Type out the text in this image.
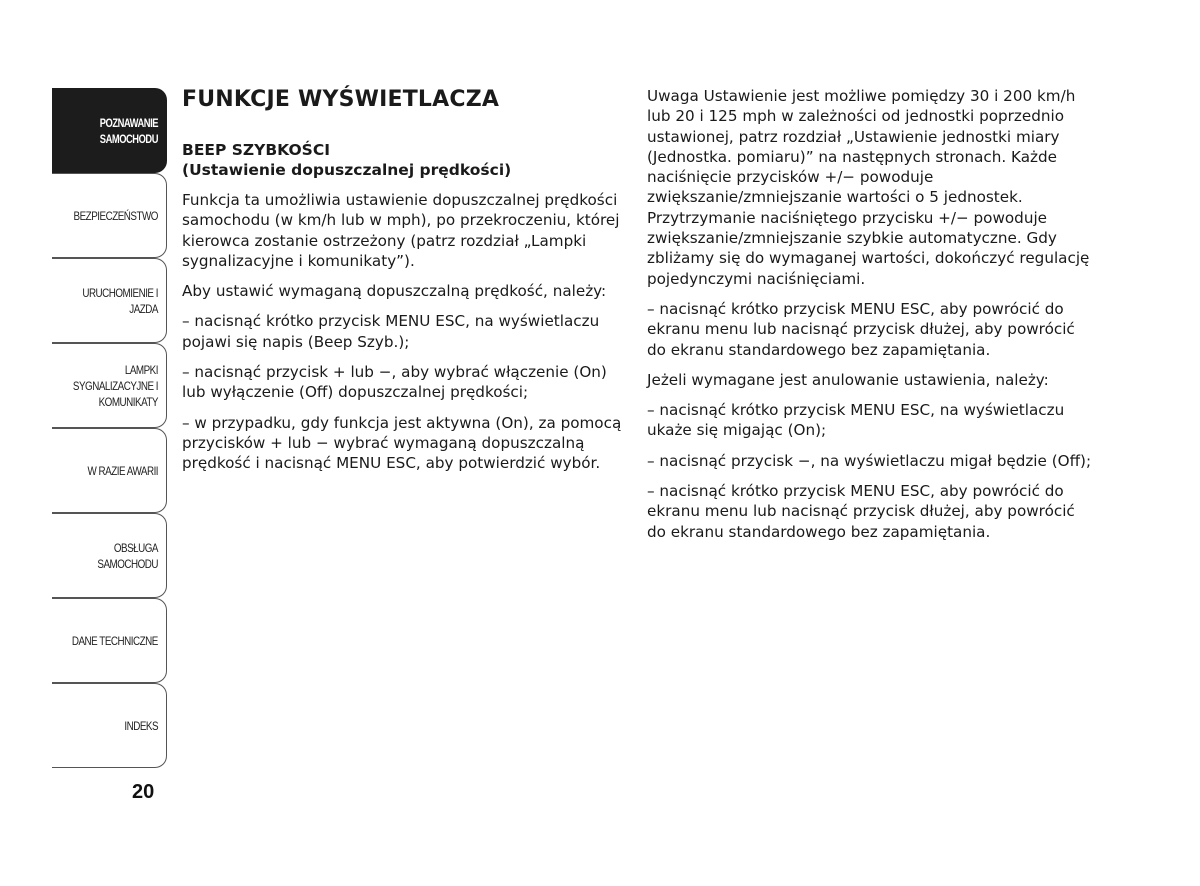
POZNAWANIE SAMOCHODU
BEZPIECZEŃSTWO
URUCHOMIENIE I JAZDA
LAMPKI SYGNALIZACYJNE I KOMUNIKATY
W RAZIE AWARII
OBSŁUGA SAMOCHODU
DANE TECHNICZNE
INDEKS
20
FUNKCJE WYŚWIETLACZA
BEEP SZYBKOŚCI
(Ustawienie dopuszczalnej prędkości)

Funkcja ta umożliwia ustawienie dopuszczalnej prędkości samochodu (w km/h lub w mph), po przekroczeniu, której kierowca zostanie ostrzeżony (patrz rozdział „Lampki sygnalizacyjne i komunikaty”).

Aby ustawić wymaganą dopuszczalną prędkość, należy:

– nacisnąć krótko przycisk MENU ESC, na wyświetlaczu pojawi się napis (Beep Szyb.);

– nacisnąć przycisk + lub −, aby wybrać włączenie (On) lub wyłączenie (Off) dopuszczalnej prędkości;

– w przypadku, gdy funkcja jest aktywna (On), za pomocą przycisków + lub − wybrać wymaganą dopuszczalną prędkość i nacisnąć MENU ESC, aby potwierdzić wybór.

Uwaga Ustawienie jest możliwe pomiędzy 30 i 200 km/h lub 20 i 125 mph w zależności od jednostki poprzednio ustawionej, patrz rozdział „Ustawienie jednostki miary (Jednostka. pomiaru)” na następnych stronach. Każde naciśnięcie przycisków +/− powoduje zwiększanie/zmniejszanie wartości o 5 jednostek. Przytrzymanie naciśniętego przycisku +/− powoduje zwiększanie/zmniejszanie szybkie automatyczne. Gdy zbliżamy się do wymaganej wartości, dokończyć regulację pojedynczymi naciśnięciami.

– nacisnąć krótko przycisk MENU ESC, aby powrócić do ekranu menu lub nacisnąć przycisk dłużej, aby powrócić do ekranu standardowego bez zapamiętania.

Jeżeli wymagane jest anulowanie ustawienia, należy:

– nacisnąć krótko przycisk MENU ESC, na wyświetlaczu ukaże się migając (On);

– nacisnąć przycisk −, na wyświetlaczu migał będzie (Off);

– nacisnąć krótko przycisk MENU ESC, aby powrócić do ekranu menu lub nacisnąć przycisk dłużej, aby powrócić do ekranu standardowego bez zapamiętania.
